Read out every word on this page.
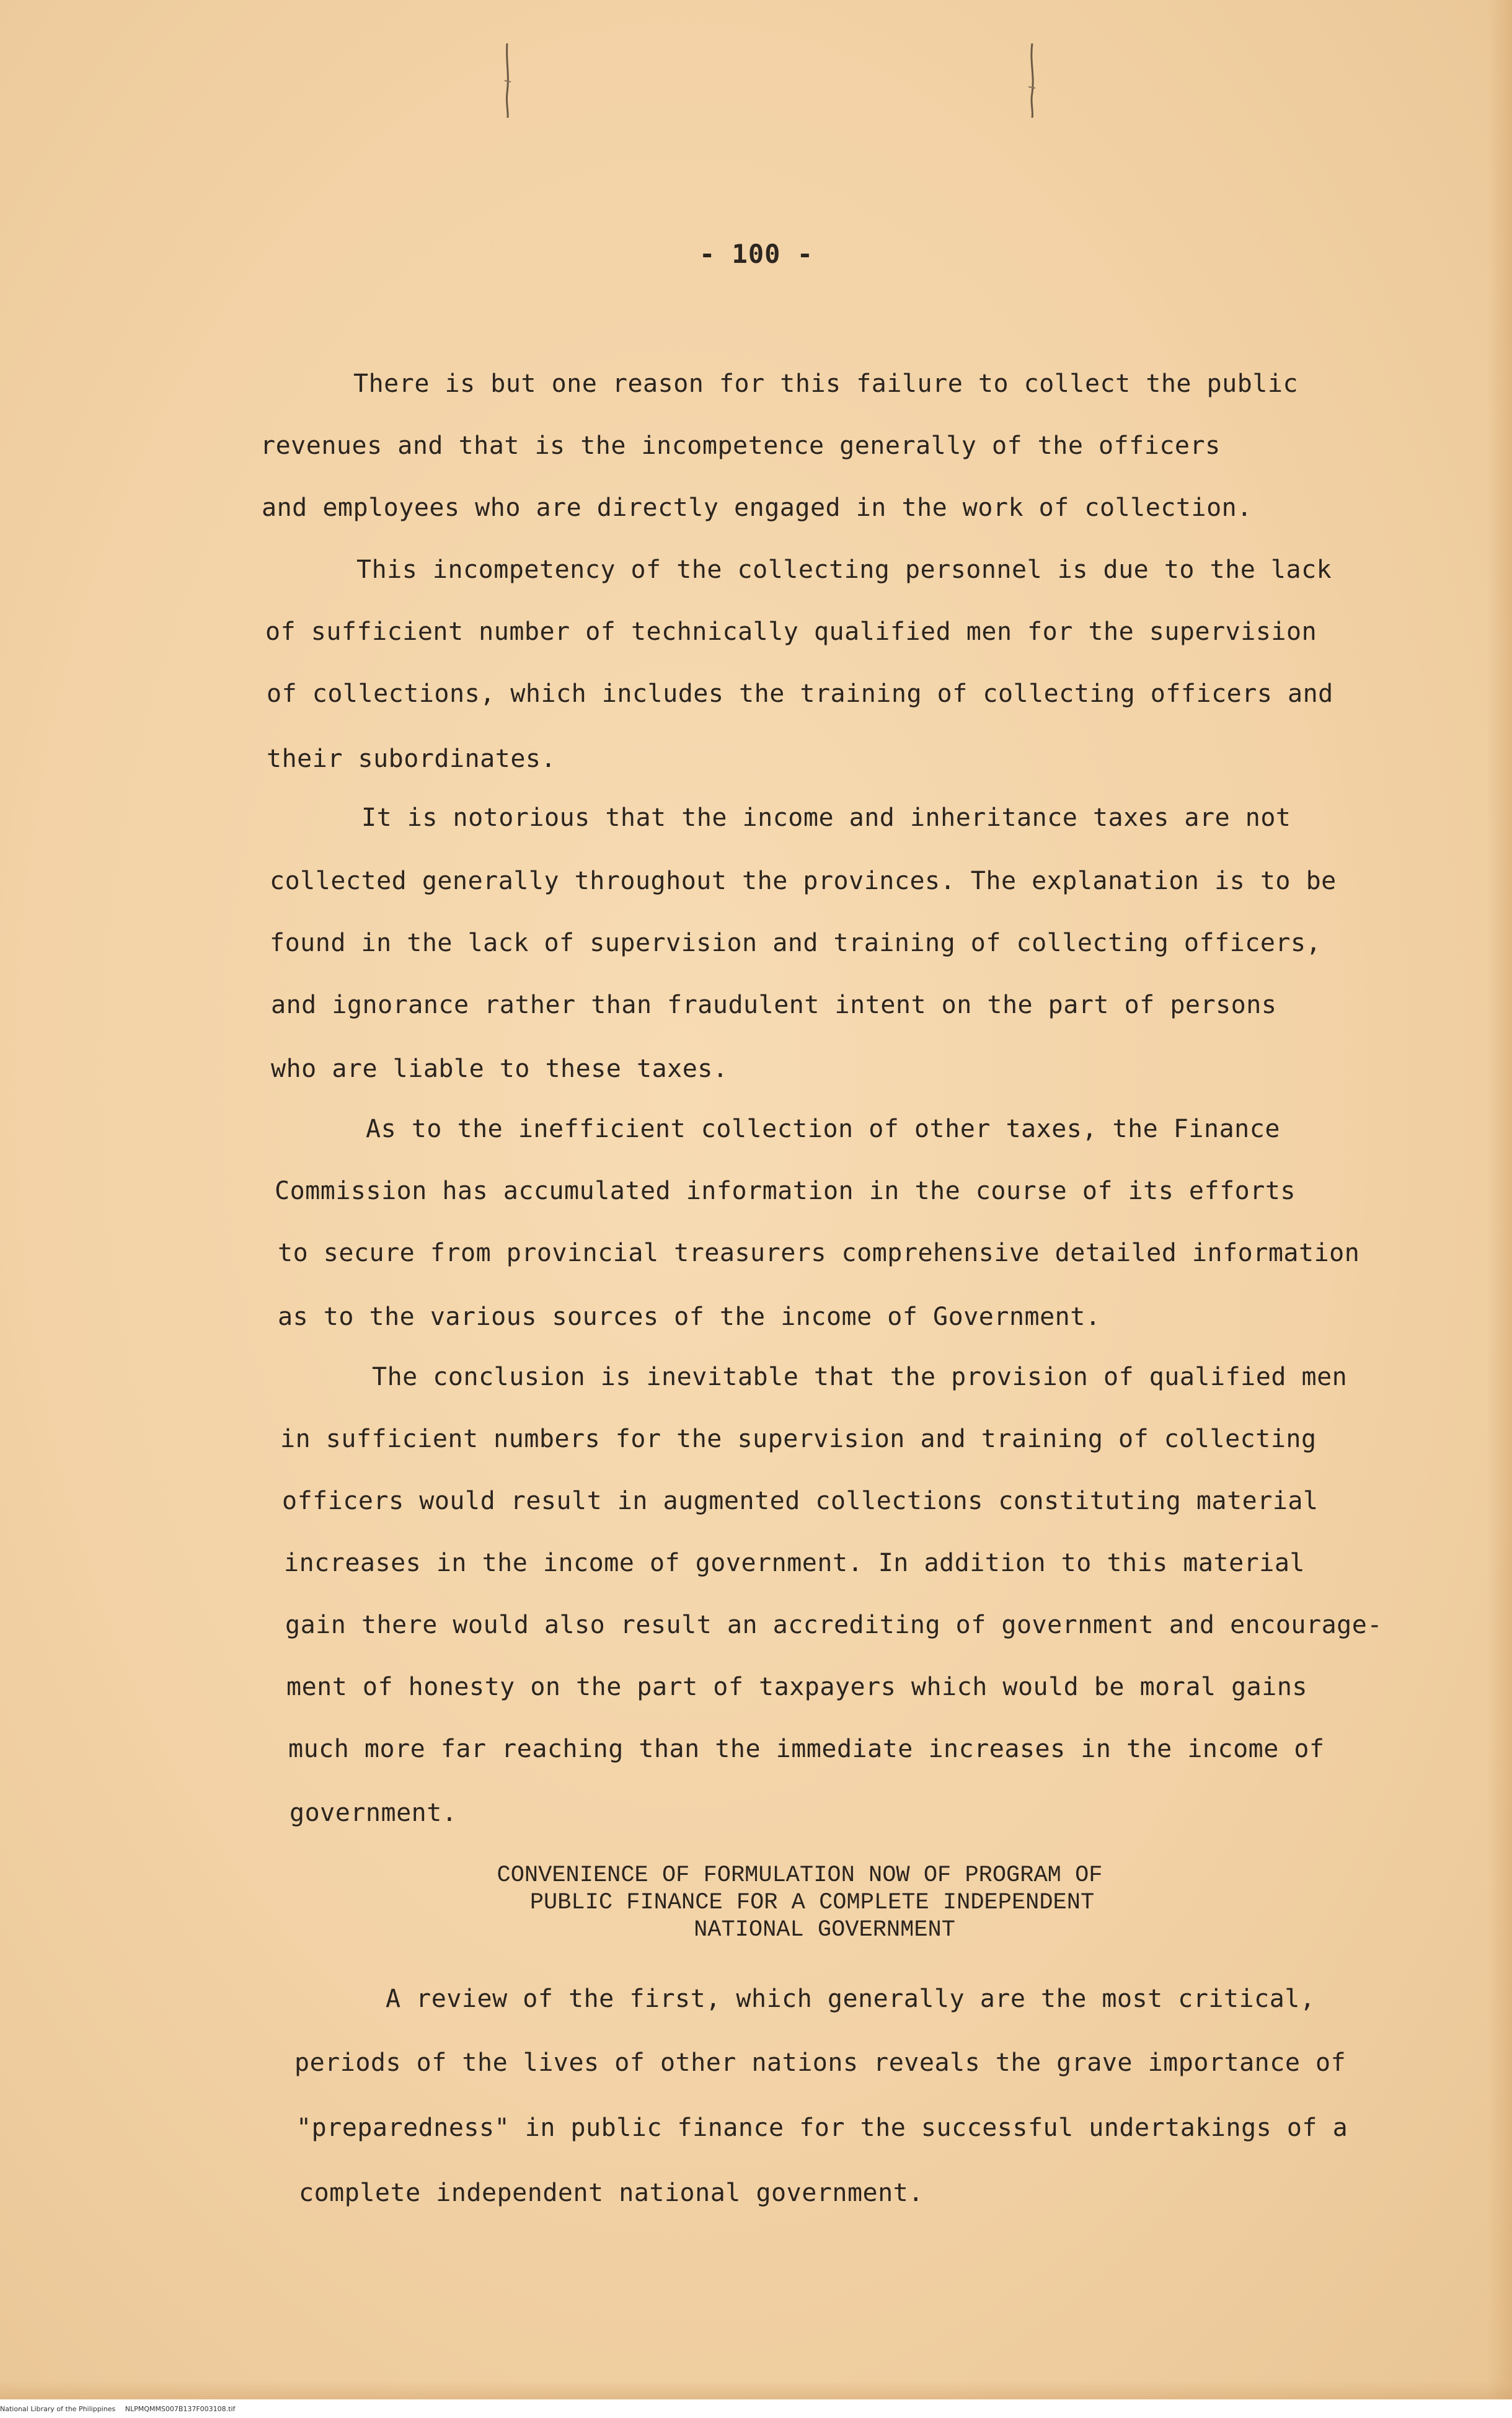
- 100 -
There is but one reason for this failure to collect the public
revenues and that is the incompetence generally of the officers
and employees who are directly engaged in the work of collection.
This incompetency of the collecting personnel is due to the lack
of sufficient number of technically qualified men for the supervision
of collections, which includes the training of collecting officers and
their subordinates.
It is notorious that the income and inheritance taxes are not
collected generally throughout the provinces. The explanation is to be
found in the lack of supervision and training of collecting officers,
and ignorance rather than fraudulent intent on the part of persons
who are liable to these taxes.
As to the inefficient collection of other taxes, the Finance
Commission has accumulated information in the course of its efforts
to secure from provincial treasurers comprehensive detailed information
as to the various sources of the income of Government.
The conclusion is inevitable that the provision of qualified men
in sufficient numbers for the supervision and training of collecting
officers would result in augmented collections constituting material
increases in the income of government. In addition to this material
gain there would also result an accrediting of government and encourage-
ment of honesty on the part of taxpayers which would be moral gains
much more far reaching than the immediate increases in the income of
government.
CONVENIENCE OF FORMULATION NOW OF PROGRAM OF
PUBLIC FINANCE FOR A COMPLETE INDEPENDENT
NATIONAL GOVERNMENT
A review of the first, which generally are the most critical,
periods of the lives of other nations reveals the grave importance of
"preparedness" in public finance for the successful undertakings of a
complete independent national government.
National Library of the Philippines NLPMQMMS007B137F003108.tif
